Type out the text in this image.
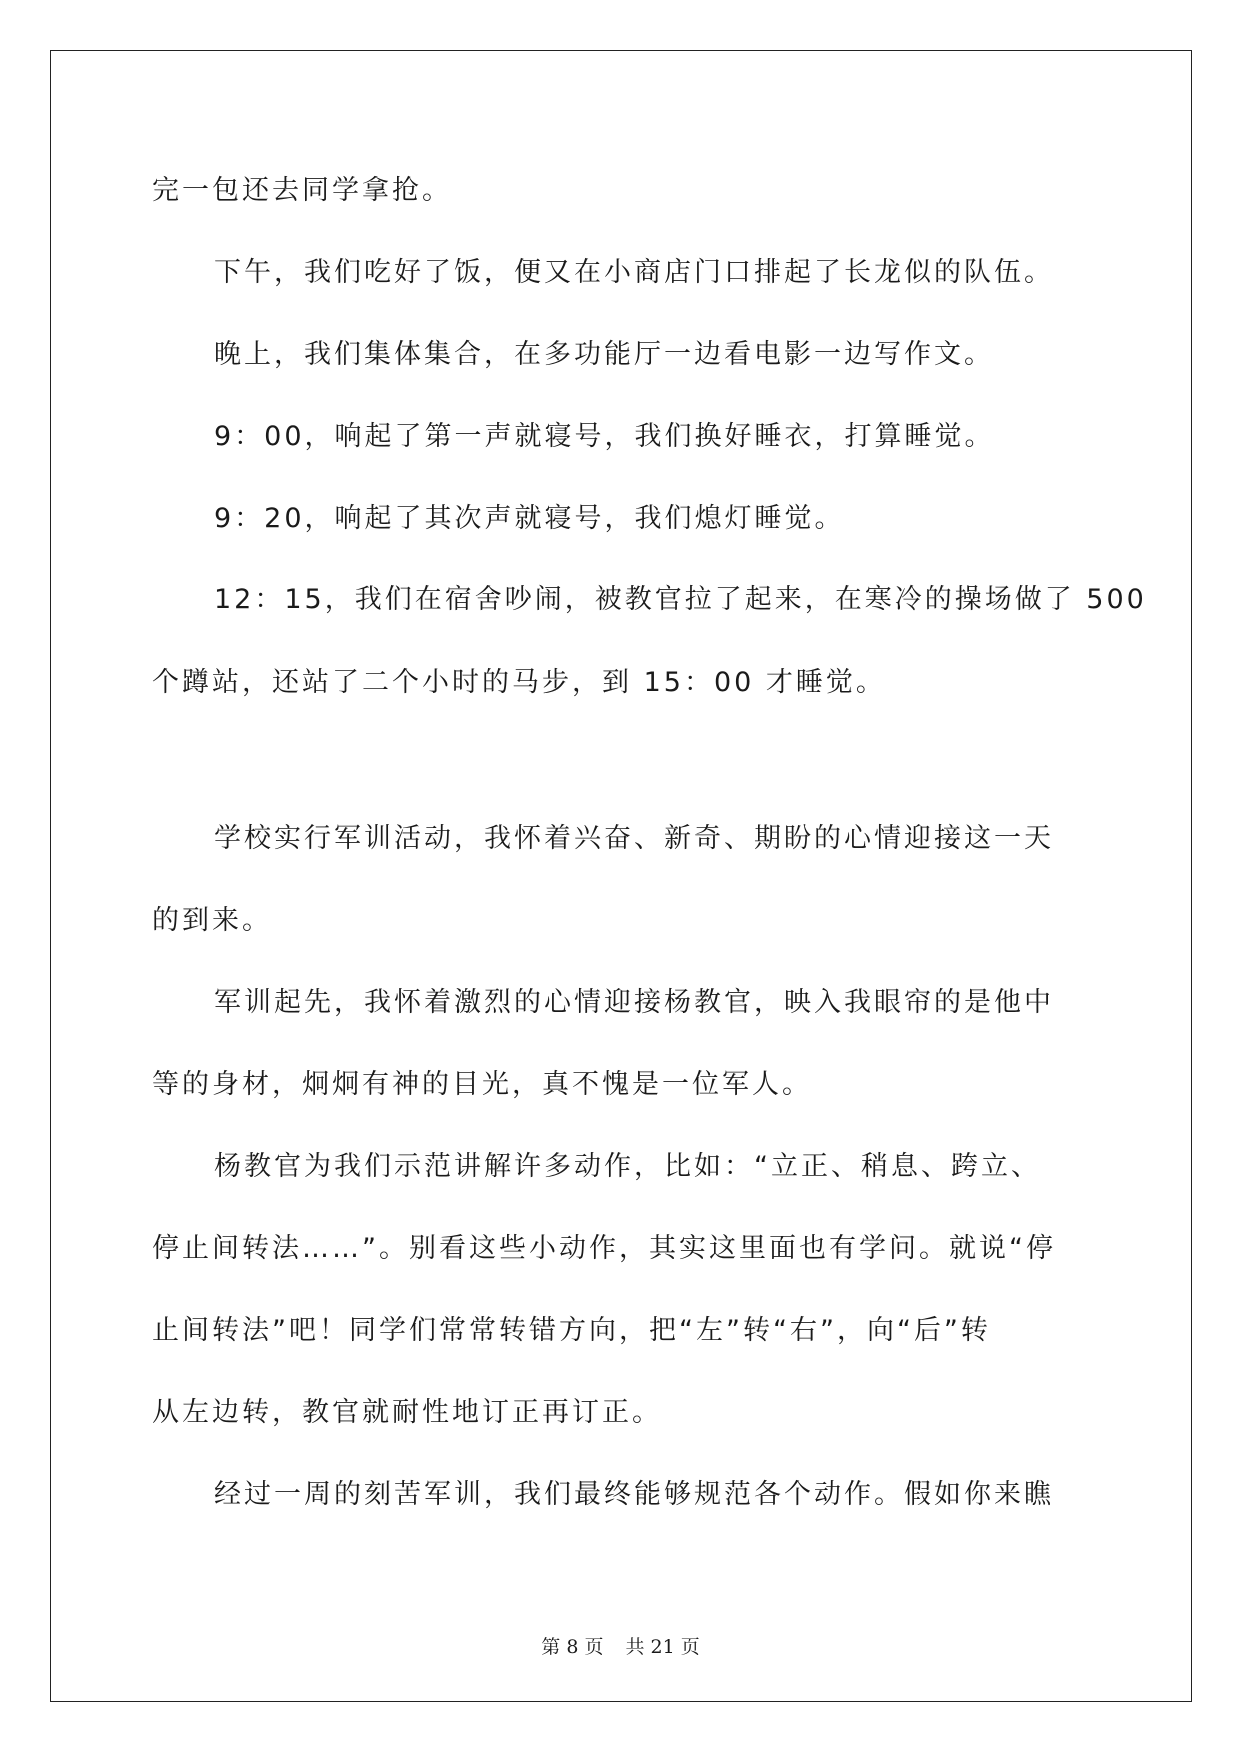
完一包还去同学拿抢。

下午，我们吃好了饭，便又在小商店门口排起了长龙似的队伍。

晚上，我们集体集合，在多功能厅一边看电影一边写作文。

9：00，响起了第一声就寝号，我们换好睡衣，打算睡觉。

9：20，响起了其次声就寝号，我们熄灯睡觉。

12：15，我们在宿舍吵闹，被教官拉了起来，在寒冷的操场做了 500

个蹲站，还站了二个小时的马步，到 15：00 才睡觉。

学校实行军训活动，我怀着兴奋、新奇、期盼的心情迎接这一天

的到来。

军训起先，我怀着激烈的心情迎接杨教官，映入我眼帘的是他中

等的身材，炯炯有神的目光，真不愧是一位军人。

杨教官为我们示范讲解许多动作，比如：“立正、稍息、跨立、

停止间转法……”。别看这些小动作，其实这里面也有学问。就说“停

止间转法”吧！同学们常常转错方向，把“左”转“右”，向“后”转

从左边转，教官就耐性地订正再订正。

经过一周的刻苦军训，我们最终能够规范各个动作。假如你来瞧

第 8 页 共 21 页
